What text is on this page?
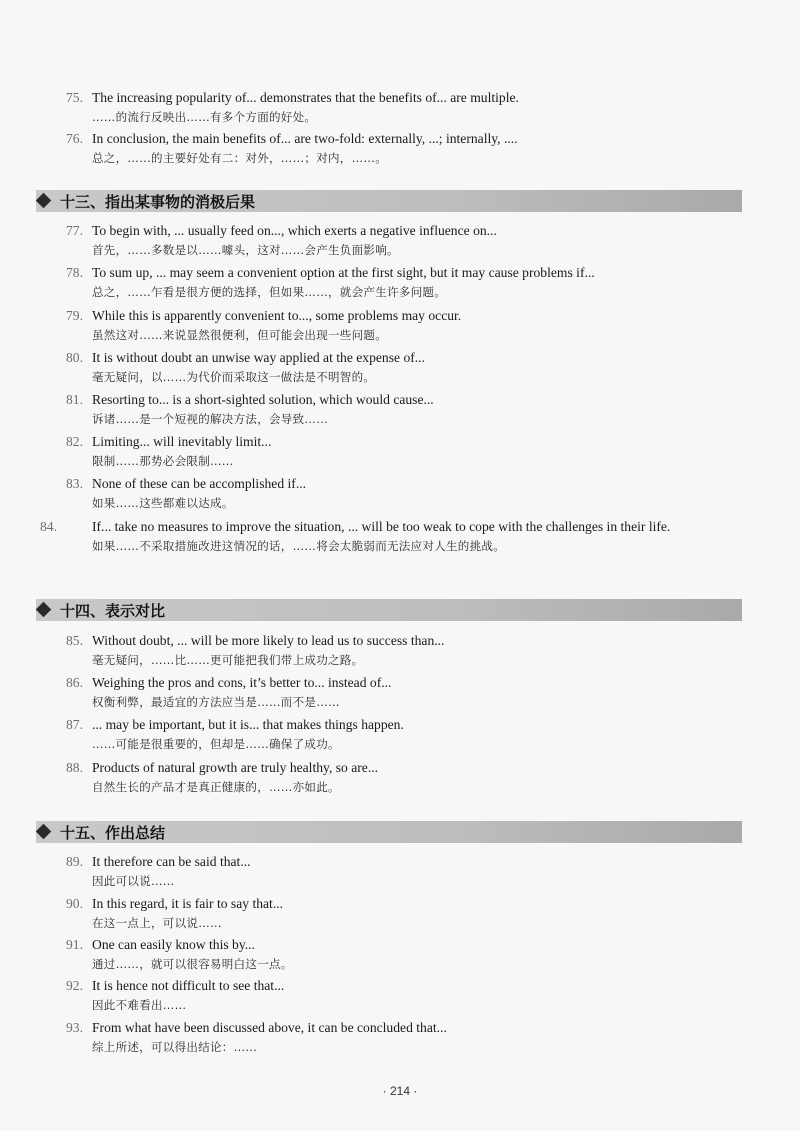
75. The increasing popularity of... demonstrates that the benefits of... are multiple.
……的流行反映出……有多个方面的好处。
76. In conclusion, the main benefits of... are two-fold: externally, ...; internally, ....
总之，……的主要好处有二：对外，……；对内，……。
十三、指出某事物的消极后果
77. To begin with, ... usually feed on..., which exerts a negative influence on...
首先，……多数是以……噱头，这对……会产生负面影响。
78. To sum up, ... may seem a convenient option at the first sight, but it may cause problems if...
总之，……乍看是很方便的选择，但如果……，就会产生许多问题。
79. While this is apparently convenient to..., some problems may occur.
虽然这对……来说显然很便利，但可能会出现一些问题。
80. It is without doubt an unwise way applied at the expense of...
毫无疑问，以……为代价而采取这一做法是不明智的。
81. Resorting to... is a short-sighted solution, which would cause...
诉诸……是一个短视的解决方法，会导致……
82. Limiting... will inevitably limit...
限制……那势必会限制……
83. None of these can be accomplished if...
如果……这些都难以达成。
84.	If... take no measures to improve the situation, ... will be too weak to cope with the challenges in their life.
如果……不采取措施改进这情况的话，……将会太脆弱而无法应对人生的挑战。
十四、表示对比
85. Without doubt, ... will be more likely to lead us to success than...
毫无疑问，……比……更可能把我们带上成功之路。
86. Weighing the pros and cons, it’s better to... instead of...
权衡利弊，最适宜的方法应当是……而不是……
87. ... may be important, but it is... that makes things happen.
……可能是很重要的，但却是……确保了成功。
88. Products of natural growth are truly healthy, so are...
自然生长的产品才是真正健康的，……亦如此。
十五、作出总结
89. It therefore can be said that...
因此可以说……
90. In this regard, it is fair to say that...
在这一点上，可以说……
91. One can easily know this by...
通过……，就可以很容易明白这一点。
92. It is hence not difficult to see that...
因此不难看出……
93. From what have been discussed above, it can be concluded that...
综上所述，可以得出结论：……
· 214 ·
